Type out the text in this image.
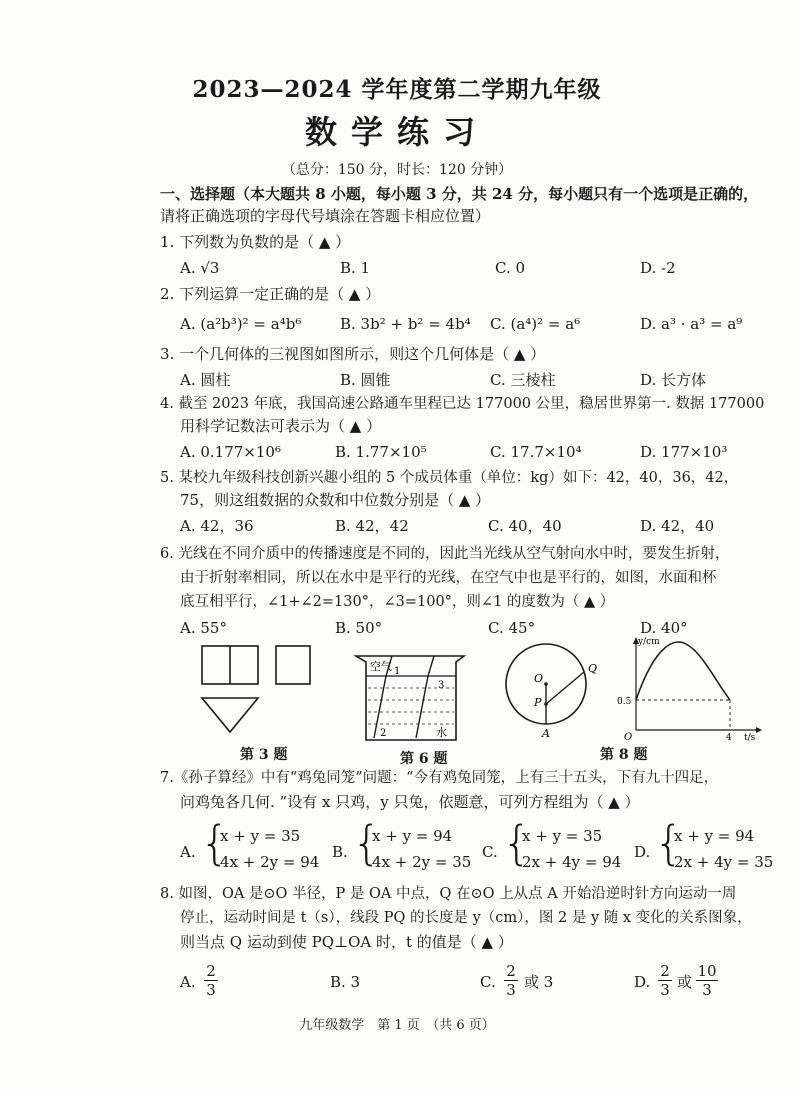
2023—2024 学年度第二学期九年级
数学练习
（总分：150 分，时长：120 分钟）
一、选择题（本大题共 8 小题，每小题 3 分，共 24 分，每小题只有一个选项是正确的，
请将正确选项的字母代号填涂在答题卡相应位置）
1. 下列数为负数的是（ ▲ ）
A. √3	B. 1	C. 0	D. -2
2. 下列运算一定正确的是（ ▲ ）
A. (a²b³)² = a⁴b⁶	B. 3b² + b² = 4b⁴ C. (a⁴)² = a⁶	D. a³ · a³ = a⁹
3. 一个几何体的三视图如图所示，则这个几何体是（ ▲ ）
A. 圆柱	B. 圆锥	C. 三棱柱	D. 长方体
4. 截至 2023 年底，我国高速公路通车里程已达 177000 公里，稳居世界第一. 数据 177000
用科学记数法可表示为（ ▲ ）
A. 0.177×10⁶	B. 1.77×10⁵	C. 17.7×10⁴	D. 177×10³
5. 某校九年级科技创新兴趣小组的 5 个成员体重（单位：kg）如下：42，40，36，42，
75，则这组数据的众数和中位数分别是（ ▲ ）
A. 42，36	B. 42，42	C. 40，40	D. 42，40
6. 光线在不同介质中的传播速度是不同的，因此当光线从空气射向水中时，要发生折射，
由于折射率相同，所以在水中是平行的光线，在空气中也是平行的，如图，水面和杯
底互相平行，∠1+∠2=130°，∠3=100°，则∠1 的度数为（ ▲ ）
A. 55°	B. 50°	C. 45°	D. 40°
第 3 题
空气 1
3
2	水
第 6 题
O
P
Q
A
y/cm
t/s
O
0.5
4
第 8 题
7.《孙子算经》中有“鸡兔同笼”问题：“今有鸡兔同笼，上有三十五头，下有九十四足，
问鸡兔各几何. ”设有 x 只鸡，y 只兔，依题意，可列方程组为（ ▲ ）
A. {
x + y = 35
4x + 2y = 94
B. {
x + y = 94
4x + 2y = 35
C. {
x + y = 35
2x + 4y = 94
D. {
x + y = 94
2x + 4y = 35
8. 如图，OA 是⊙O 半径，P 是 OA 中点，Q 在⊙O 上从点 A 开始沿逆时针方向运动一周
停止，运动时间是 t（s），线段 PQ 的长度是 y（cm），图 2 是 y 随 x 变化的关系图象，
则当点 Q 运动到使 PQ⊥OA 时，t 的值是（ ▲ ）
A. $\frac{2}{3}$	B. 3	C. $\frac{2}{3}$ 或 3	D. $\frac{2}{3}$ 或 $\frac{10}{3}$
九年级数学　第 1 页　（共 6 页）
